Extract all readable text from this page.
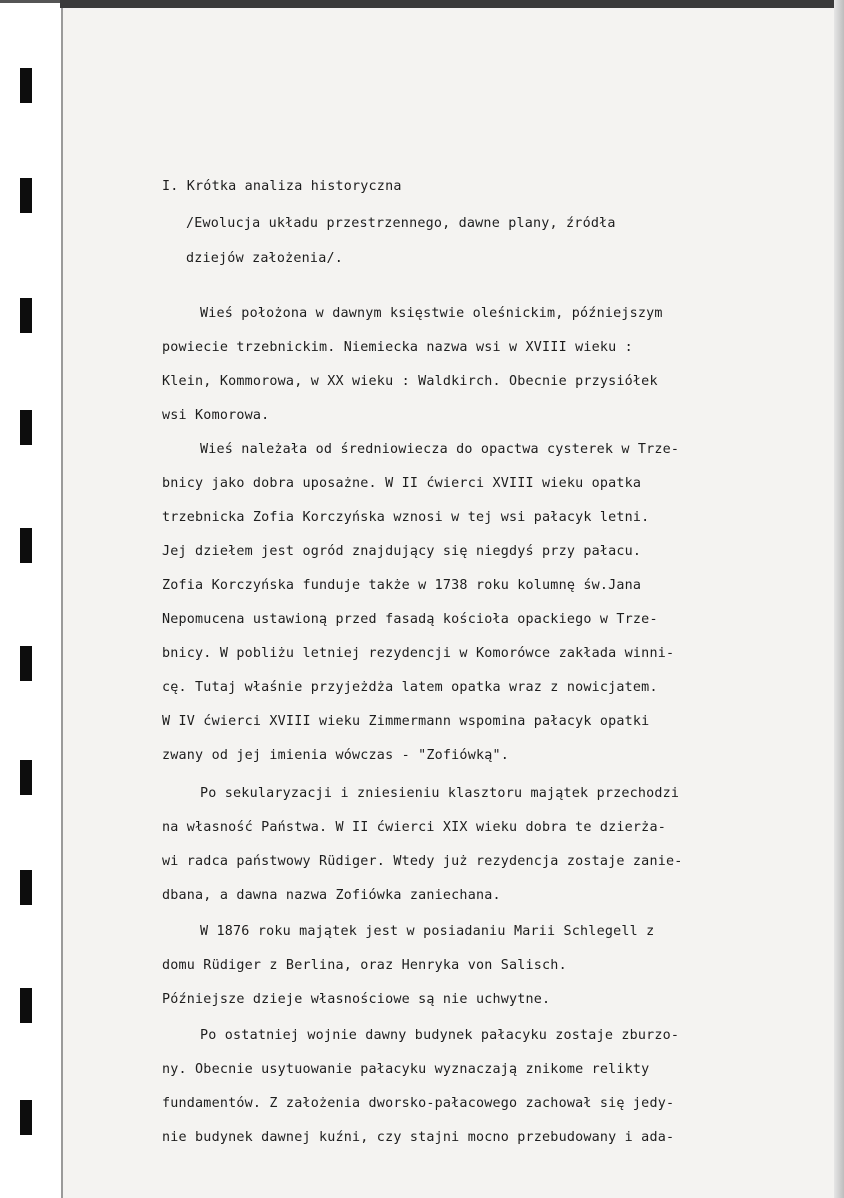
I. Krótka analiza historyczna
/Ewolucja układu przestrzennego, dawne plany, źródła
dziejów założenia/.
Wieś położona w dawnym księstwie oleśnickim, późniejszym
powiecie trzebnickim. Niemiecka nazwa wsi w XVIII wieku :
Klein, Kommorowa, w XX wieku : Waldkirch. Obecnie przysiółek
wsi Komorowa.
Wieś należała od średniowiecza do opactwa cysterek w Trze-
bnicy jako dobra uposażne. W II ćwierci XVIII wieku opatka
trzebnicka Zofia Korczyńska wznosi w tej wsi pałacyk letni.
Jej dziełem jest ogród znajdujący się niegdyś przy pałacu.
Zofia Korczyńska funduje także w 1738 roku kolumnę św.Jana
Nepomucena ustawioną przed fasadą kościoła opackiego w Trze-
bnicy. W pobliżu letniej rezydencji w Komorówce zakłada winni-
cę. Tutaj właśnie przyjeżdża latem opatka wraz z nowicjatem.
W IV ćwierci XVIII wieku Zimmermann wspomina pałacyk opatki
zwany od jej imienia wówczas - "Zofiówką".
Po sekularyzacji i zniesieniu klasztoru majątek przechodzi
na własność Państwa. W II ćwierci XIX wieku dobra te dzierża-
wi radca państwowy Rüdiger. Wtedy już rezydencja zostaje zanie-
dbana, a dawna nazwa Zofiówka zaniechana.
W 1876 roku majątek jest w posiadaniu Marii Schlegell z
domu Rüdiger z Berlina, oraz Henryka von Salisch.
Późniejsze dzieje własnościowe są nie uchwytne.
Po ostatniej wojnie dawny budynek pałacyku zostaje zburzo-
ny. Obecnie usytuowanie pałacyku wyznaczają znikome relikty
fundamentów. Z założenia dworsko-pałacowego zachował się jedy-
nie budynek dawnej kuźni, czy stajni mocno przebudowany i ada-
